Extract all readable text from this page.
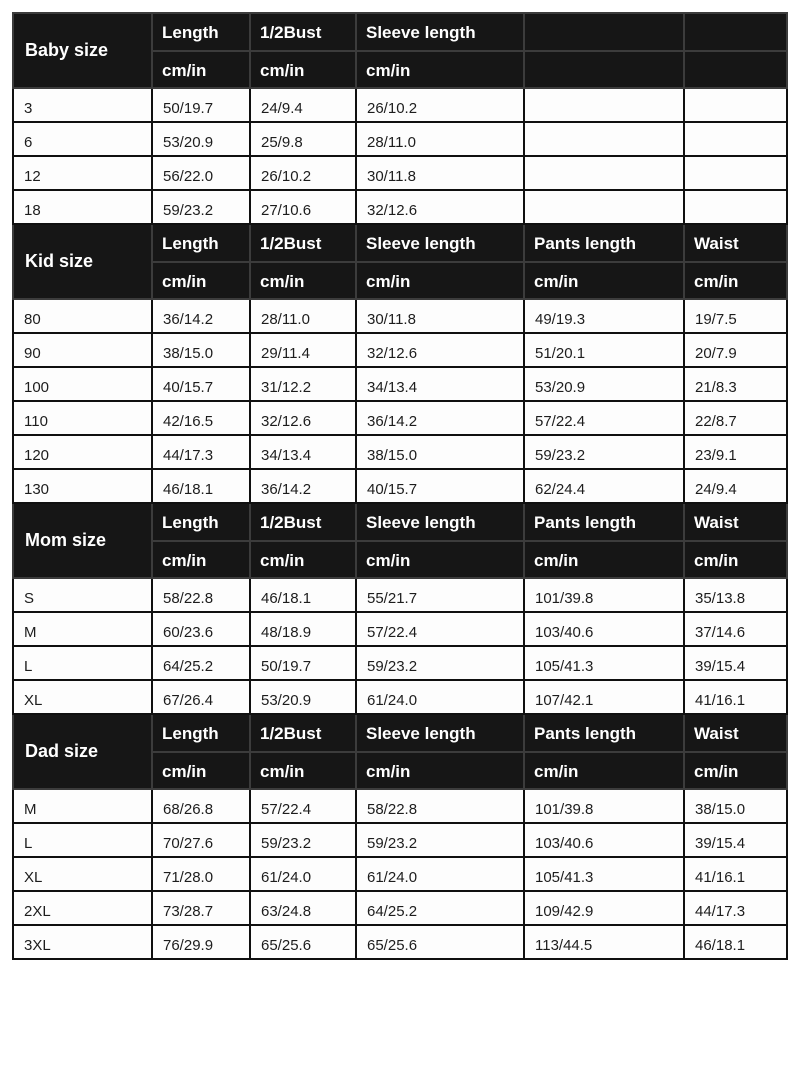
Baby size	Length	1/2Bust	Sleeve length		
	cm/in	cm/in	cm/in		
3	50/19.7	24/9.4	26/10.2		
6	53/20.9	25/9.8	28/11.0		
12	56/22.0	26/10.2	30/11.8		
18	59/23.2	27/10.6	32/12.6		
Kid size	Length	1/2Bust	Sleeve length	Pants length	Waist
	cm/in	cm/in	cm/in	cm/in	cm/in
80	36/14.2	28/11.0	30/11.8	49/19.3	19/7.5
90	38/15.0	29/11.4	32/12.6	51/20.1	20/7.9
100	40/15.7	31/12.2	34/13.4	53/20.9	21/8.3
110	42/16.5	32/12.6	36/14.2	57/22.4	22/8.7
120	44/17.3	34/13.4	38/15.0	59/23.2	23/9.1
130	46/18.1	36/14.2	40/15.7	62/24.4	24/9.4
Mom size	Length	1/2Bust	Sleeve length	Pants length	Waist
	cm/in	cm/in	cm/in	cm/in	cm/in
S	58/22.8	46/18.1	55/21.7	101/39.8	35/13.8
M	60/23.6	48/18.9	57/22.4	103/40.6	37/14.6
L	64/25.2	50/19.7	59/23.2	105/41.3	39/15.4
XL	67/26.4	53/20.9	61/24.0	107/42.1	41/16.1
Dad size	Length	1/2Bust	Sleeve length	Pants length	Waist
	cm/in	cm/in	cm/in	cm/in	cm/in
M	68/26.8	57/22.4	58/22.8	101/39.8	38/15.0
L	70/27.6	59/23.2	59/23.2	103/40.6	39/15.4
XL	71/28.0	61/24.0	61/24.0	105/41.3	41/16.1
2XL	73/28.7	63/24.8	64/25.2	109/42.9	44/17.3
3XL	76/29.9	65/25.6	65/25.6	113/44.5	46/18.1
